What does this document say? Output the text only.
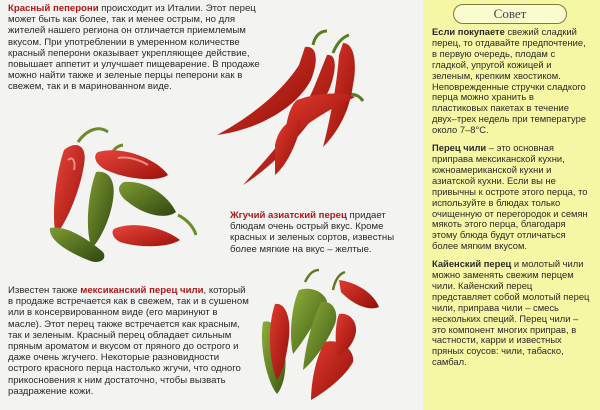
Красный пеперони происходит из Италии. Этот перец может быть как более, так и менее острым, но для жителей нашего региона он отличается приемлемым вкусом. При употреблении в умеренном количестве красный пеперони оказывает укрепляющее действие, повышает аппетит и улучшает пищеварение. В продаже можно найти также и зеленые перцы пеперони как в свежем, так и в маринованном виде.

Жгучий азиатский перец придает блюдам очень острый вкус. Кроме красных и зеленых сортов, известны более мягкие на вкус – желтые.

Известен также мексиканский перец чили, который в продаже встречается как в свежем, так и в сушеном или в консервированном виде (его маринуют в масле). Этот перец также встречается как красным, так и зеленым. Красный перец обладает сильным пряным ароматом и вкусом от пряного до острого и даже очень жгучего. Некоторые разновидности острого красного перца настолько жгучи, что одного прикосновения к ним достаточно, чтобы вызвать раздражение кожи.

Если покупаете свежий сладкий перец, то отдавайте предпочтение, в первую очередь, плодам с гладкой, упругой кожицей и зеленым, крепким хвостиком. Неповрежденные стручки сладкого перца можно хранить в пластиковых пакетах в течение двух–трех недель при температуре около 7–8°С.

Перец чили – это основная приправа мексиканской кухни, южноамериканской кухни и азиатской кухни. Если вы не привычны к остроте этого перца, то используйте в блюдах только очищенную от перегородок и семян мякоть этого перца, благодаря этому блюда будут отличаться более мягким вкусом.

Кайенский перец и молотый чили можно заменять свежим перцем чили. Кайенский перец представляет собой молотый перец чили, приправа чили – смесь нескольких специй. Перец чили – это компонент многих приправ, в частности, карри и известных пряных соусов: чили, табаско, самбал.

Совет
